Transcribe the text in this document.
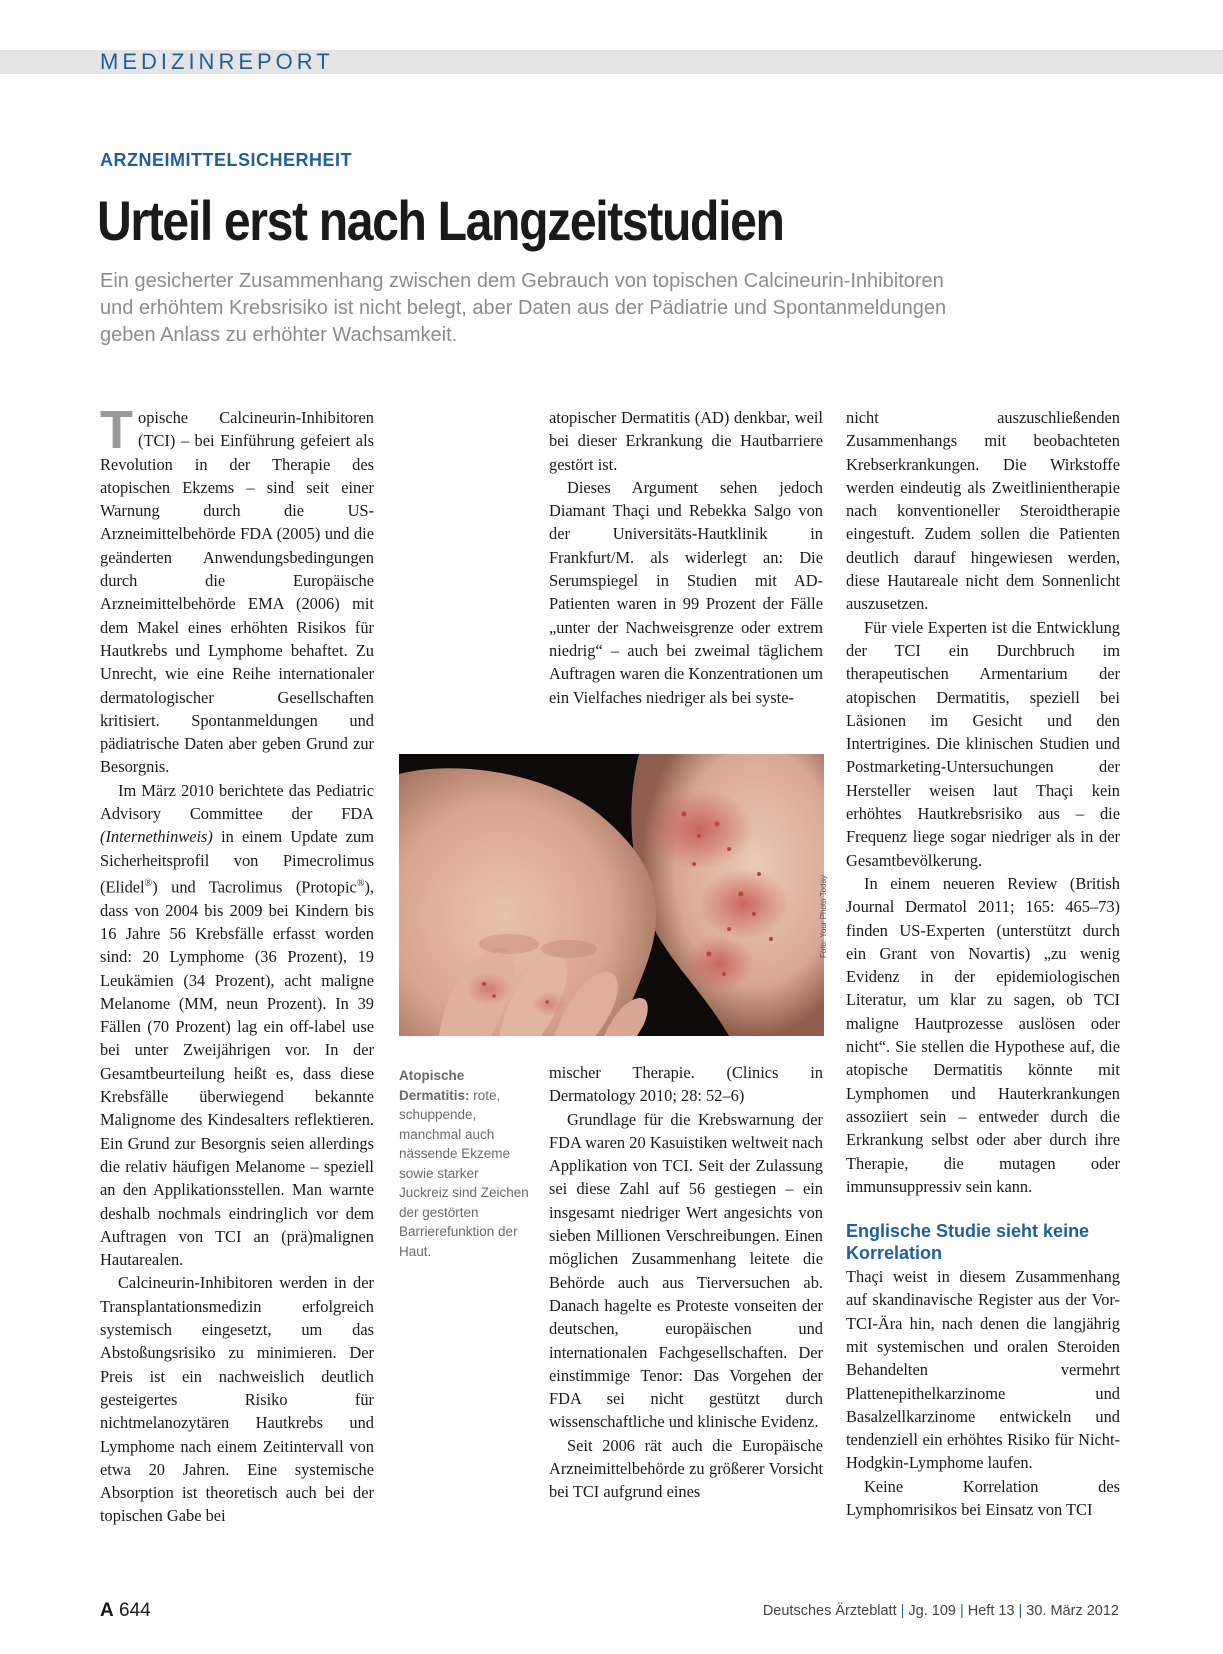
MEDIZINREPORT
ARZNEIMITTELSICHERHEIT
Urteil erst nach Langzeitstudien
Ein gesicherter Zusammenhang zwischen dem Gebrauch von topischen Calcineurin-Inhibitoren und erhöhtem Krebsrisiko ist nicht belegt, aber Daten aus der Pädiatrie und Spontanmeldungen geben Anlass zu erhöhter Wachsamkeit.

Topische Calcineurin-Inhibitoren (TCI) – bei Einführung gefeiert als Revolution in der Therapie des atopischen Ekzems – sind seit einer Warnung durch die US-Arzneimittelbehörde FDA (2005) und die geänderten Anwendungsbedingungen durch die Europäische Arzneimittelbehörde EMA (2006) mit dem Makel eines erhöhten Risikos für Hautkrebs und Lymphome behaftet. Zu Unrecht, wie eine Reihe internationaler dermatologischer Gesellschaften kritisiert. Spontanmeldungen und pädiatrische Daten aber geben Grund zur Besorgnis.

Im März 2010 berichtete das Pediatric Advisory Committee der FDA (Internethinweis) in einem Update zum Sicherheitsprofil von Pimecrolimus (Elidel®) und Tacrolimus (Protopic®), dass von 2004 bis 2009 bei Kindern bis 16 Jahre 56 Krebsfälle erfasst worden sind: 20 Lymphome (36 Prozent), 19 Leukämien (34 Prozent), acht maligne Melanome (MM, neun Prozent). In 39 Fällen (70 Prozent) lag ein off-label use bei unter Zweijährigen vor. In der Gesamtbeurteilung heißt es, dass diese Krebsfälle überwiegend bekannte Malignome des Kindesalters reflektieren. Ein Grund zur Besorgnis seien allerdings die relativ häufigen Melanome – speziell an den Applikationsstellen. Man warnte deshalb nochmals eindringlich vor dem Auftragen von TCI an (prä)malignen Hautarealen.

Calcineurin-Inhibitoren werden in der Transplantationsmedizin erfolgreich systemisch eingesetzt, um das Abstoßungsrisiko zu minimieren. Der Preis ist ein nachweislich deutlich gesteigertes Risiko für nichtmelanozytären Hautkrebs und Lymphome nach einem Zeitintervall von etwa 20 Jahren. Eine systemische Absorption ist theoretisch auch bei der topischen Gabe bei

atopischer Dermatitis (AD) denkbar, weil bei dieser Erkrankung die Hautbarriere gestört ist.

Dieses Argument sehen jedoch Diamant Thaçi und Rebekka Salgo von der Universitäts-Hautklinik in Frankfurt/M. als widerlegt an: Die Serumspiegel in Studien mit AD-Patienten waren in 99 Prozent der Fälle „unter der Nachweisgrenze oder extrem niedrig“ – auch bei zweimal täglichem Auftragen waren die Konzentrationen um ein Vielfaches niedriger als bei syste-

Foto: Your Photo Today
Atopische Dermatitis: rote, schuppende, manchmal auch nässende Ekzeme sowie starker Juckreiz sind Zeichen der gestörten Barrierefunktion der Haut.

mischer Therapie. (Clinics in Dermatology 2010; 28: 52–6)

Grundlage für die Krebswarnung der FDA waren 20 Kasuistiken weltweit nach Applikation von TCI. Seit der Zulassung sei diese Zahl auf 56 gestiegen – ein insgesamt niedriger Wert angesichts von sieben Millionen Verschreibungen. Einen möglichen Zusammenhang leitete die Behörde auch aus Tierversuchen ab. Danach hagelte es Proteste vonseiten der deutschen, europäischen und internationalen Fachgesellschaften. Der einstimmige Tenor: Das Vorgehen der FDA sei nicht gestützt durch wissenschaftliche und klinische Evidenz.

Seit 2006 rät auch die Europäische Arzneimittelbehörde zu größerer Vorsicht bei TCI aufgrund eines

nicht auszuschließenden Zusammenhangs mit beobachteten Krebserkrankungen. Die Wirkstoffe werden eindeutig als Zweitlinientherapie nach konventioneller Steroidtherapie eingestuft. Zudem sollen die Patienten deutlich darauf hingewiesen werden, diese Hautareale nicht dem Sonnenlicht auszusetzen.

Für viele Experten ist die Entwicklung der TCI ein Durchbruch im therapeutischen Armentarium der atopischen Dermatitis, speziell bei Läsionen im Gesicht und den Intertrigines. Die klinischen Studien und Postmarketing-Untersuchungen der Hersteller weisen laut Thaçi kein erhöhtes Hautkrebsrisiko aus – die Frequenz liege sogar niedriger als in der Gesamtbevölkerung.

In einem neueren Review (British Journal Dermatol 2011; 165: 465–73) finden US-Experten (unterstützt durch ein Grant von Novartis) „zu wenig Evidenz in der epidemiologischen Literatur, um klar zu sagen, ob TCI maligne Hautprozesse auslösen oder nicht“. Sie stellen die Hypothese auf, die atopische Dermatitis könnte mit Lymphomen und Hauterkrankungen assoziiert sein – entweder durch die Erkrankung selbst oder aber durch ihre Therapie, die mutagen oder immunsuppressiv sein kann.

Englische Studie sieht keine Korrelation

Thaçi weist in diesem Zusammenhang auf skandinavische Register aus der Vor-TCI-Ära hin, nach denen die langjährig mit systemischen und oralen Steroiden Behandelten vermehrt Plattenepithelkarzinome und Basalzellkarzinome entwickeln und tendenziell ein erhöhtes Risiko für Nicht-Hodgkin-Lymphome laufen.

Keine Korrelation des Lymphomrisikos bei Einsatz von TCI

A 644	Deutsches Ärzteblatt | Jg. 109 | Heft 13 | 30. März 2012
